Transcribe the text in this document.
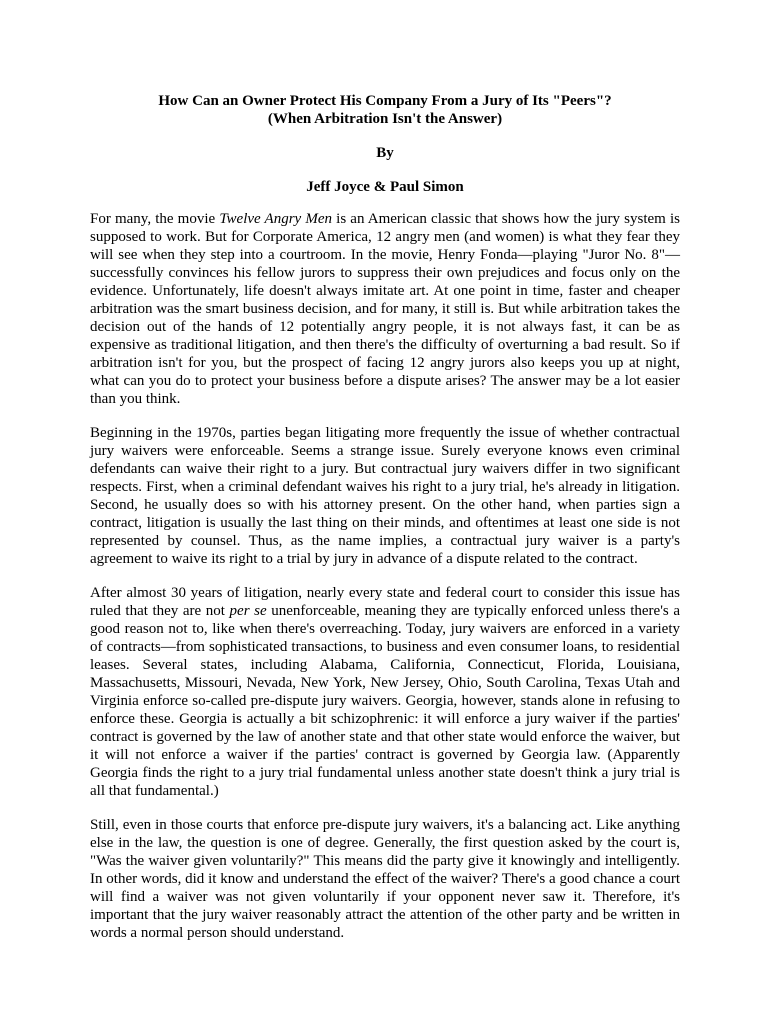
How Can an Owner Protect His Company From a Jury of Its "Peers"?
(When Arbitration Isn't the Answer)

By

Jeff Joyce & Paul Simon

For many, the movie Twelve Angry Men is an American classic that shows how the jury system is supposed to work. But for Corporate America, 12 angry men (and women) is what they fear they will see when they step into a courtroom. In the movie, Henry Fonda—playing "Juror No. 8"—successfully convinces his fellow jurors to suppress their own prejudices and focus only on the evidence. Unfortunately, life doesn't always imitate art. At one point in time, faster and cheaper arbitration was the smart business decision, and for many, it still is. But while arbitration takes the decision out of the hands of 12 potentially angry people, it is not always fast, it can be as expensive as traditional litigation, and then there's the difficulty of overturning a bad result. So if arbitration isn't for you, but the prospect of facing 12 angry jurors also keeps you up at night, what can you do to protect your business before a dispute arises? The answer may be a lot easier than you think.

Beginning in the 1970s, parties began litigating more frequently the issue of whether contractual jury waivers were enforceable. Seems a strange issue. Surely everyone knows even criminal defendants can waive their right to a jury. But contractual jury waivers differ in two significant respects. First, when a criminal defendant waives his right to a jury trial, he's already in litigation. Second, he usually does so with his attorney present. On the other hand, when parties sign a contract, litigation is usually the last thing on their minds, and oftentimes at least one side is not represented by counsel. Thus, as the name implies, a contractual jury waiver is a party's agreement to waive its right to a trial by jury in advance of a dispute related to the contract.

After almost 30 years of litigation, nearly every state and federal court to consider this issue has ruled that they are not per se unenforceable, meaning they are typically enforced unless there's a good reason not to, like when there's overreaching. Today, jury waivers are enforced in a variety of contracts—from sophisticated transactions, to business and even consumer loans, to residential leases. Several states, including Alabama, California, Connecticut, Florida, Louisiana, Massachusetts, Missouri, Nevada, New York, New Jersey, Ohio, South Carolina, Texas Utah and Virginia enforce so-called pre-dispute jury waivers. Georgia, however, stands alone in refusing to enforce these. Georgia is actually a bit schizophrenic: it will enforce a jury waiver if the parties' contract is governed by the law of another state and that other state would enforce the waiver, but it will not enforce a waiver if the parties' contract is governed by Georgia law. (Apparently Georgia finds the right to a jury trial fundamental unless another state doesn't think a jury trial is all that fundamental.)

Still, even in those courts that enforce pre-dispute jury waivers, it's a balancing act. Like anything else in the law, the question is one of degree. Generally, the first question asked by the court is, "Was the waiver given voluntarily?" This means did the party give it knowingly and intelligently. In other words, did it know and understand the effect of the waiver? There's a good chance a court will find a waiver was not given voluntarily if your opponent never saw it. Therefore, it's important that the jury waiver reasonably attract the attention of the other party and be written in words a normal person should understand.
